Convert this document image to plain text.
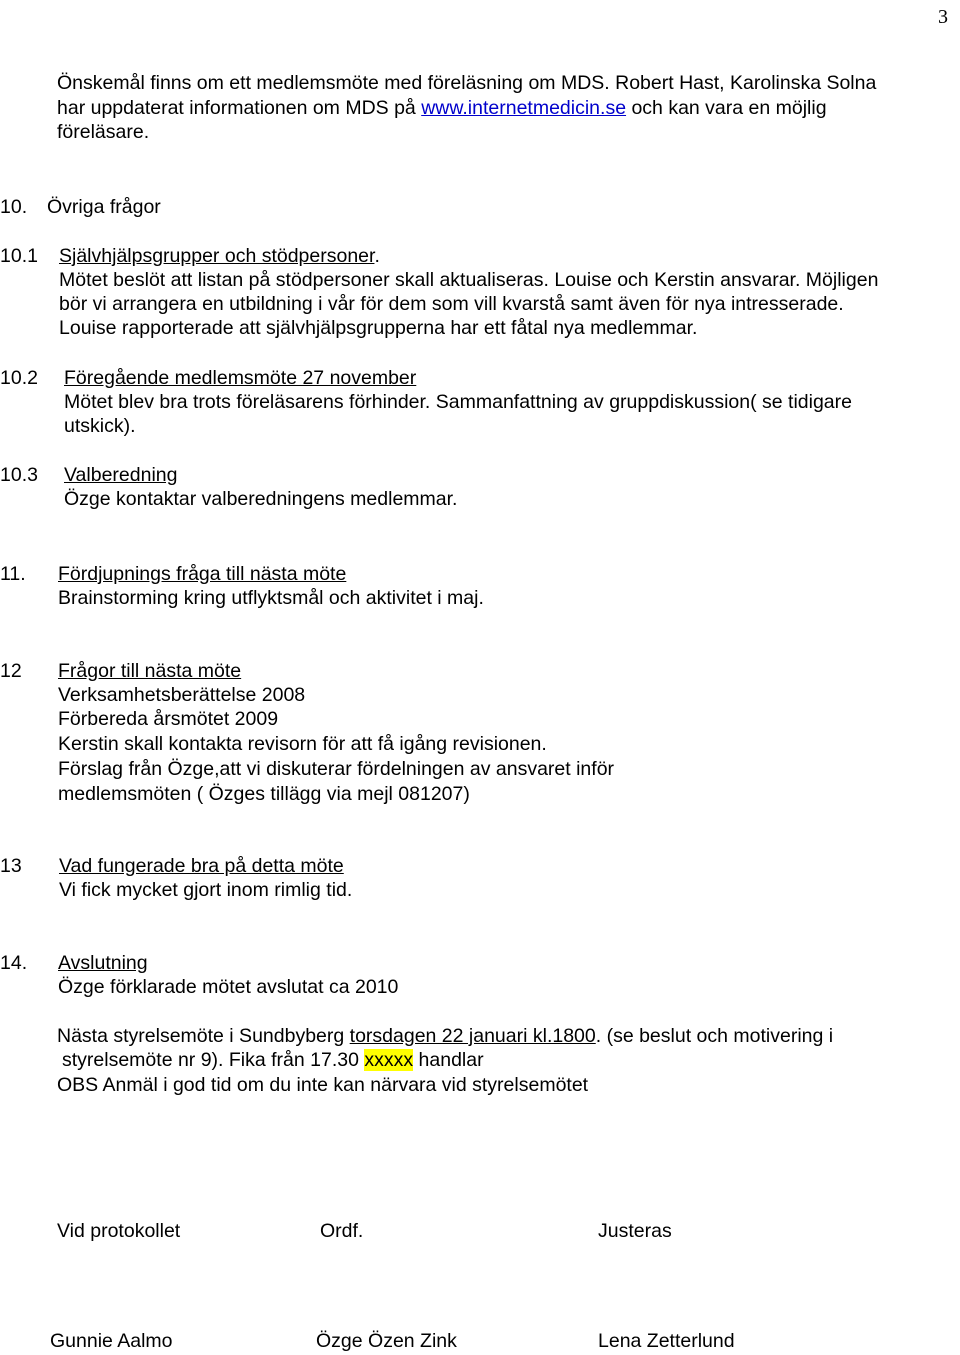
3

Önskemål finns om ett medlemsmöte med föreläsning om MDS. Robert Hast, Karolinska Solna

har uppdaterat informationen om MDS på www.internetmedicin.se och kan vara en möjlig

föreläsare.

10. Övriga frågor

10.1 Självhjälpsgrupper och stödpersoner.

Mötet beslöt att listan på stödpersoner skall aktualiseras. Louise och Kerstin ansvarar. Möjligen

bör vi arrangera en utbildning i vår för dem som vill kvarstå samt även för nya intresserade.

Louise rapporterade att självhjälpsgrupperna har ett fåtal nya medlemmar.

10.2 Föregående medlemsmöte 27 november

Mötet blev bra trots föreläsarens förhinder. Sammanfattning av gruppdiskussion( se tidigare

utskick).

10.3 Valberedning

Özge kontaktar valberedningens medlemmar.

11. Fördjupnings fråga till nästa möte

Brainstorming kring utflyktsmål och aktivitet i maj.

12 Frågor till nästa möte

Verksamhetsberättelse 2008

Förbereda årsmötet 2009

Kerstin skall kontakta revisorn för att få igång revisionen.

Förslag från Özge,att vi diskuterar fördelningen av ansvaret inför

medlemsmöten ( Özges tillägg via mejl 081207)

13 Vad fungerade bra på detta möte

Vi fick mycket gjort inom rimlig tid.

14. Avslutning

Özge förklarade mötet avslutat ca 2010

Nästa styrelsemöte i Sundbyberg torsdagen 22 januari kl.1800. (se beslut och motivering i

styrelsemöte nr 9). Fika från 17.30 xxxxx handlar

OBS Anmäl i god tid om du inte kan närvara vid styrelsemötet

Vid protokollet	Ordf.	Justeras

Gunnie Aalmo	Özge Özen Zink	Lena Zetterlund
